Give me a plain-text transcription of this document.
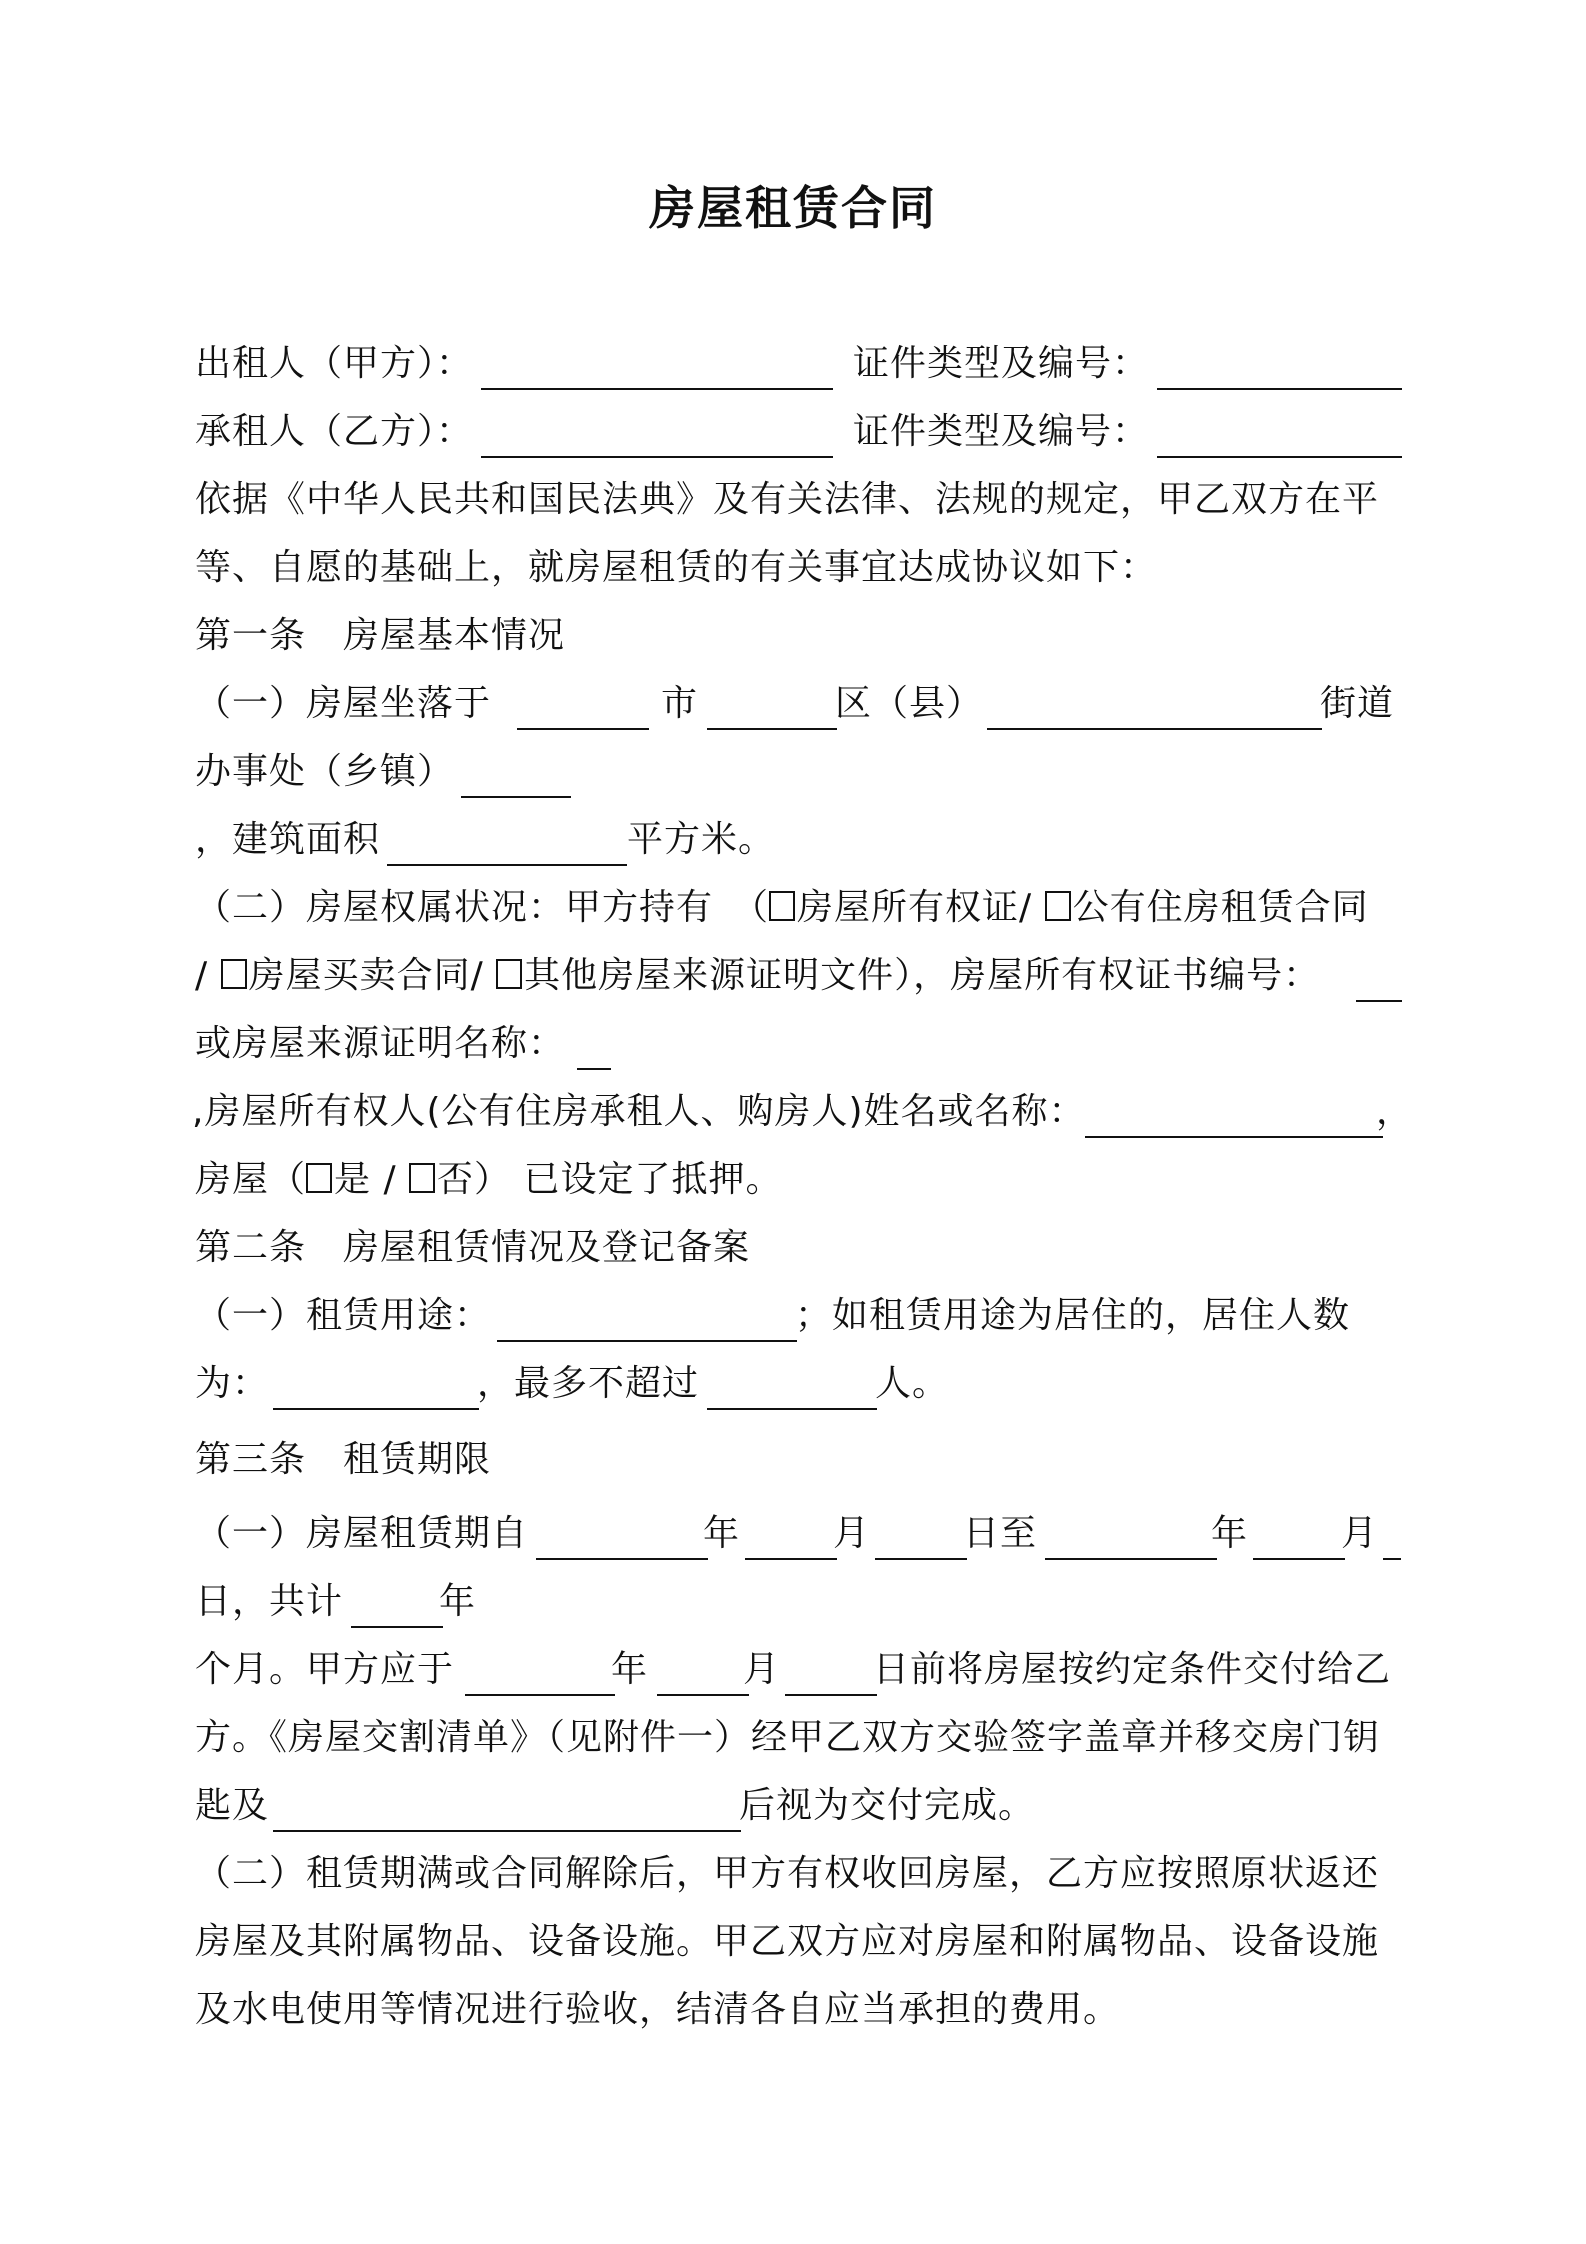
房屋租赁合同
出租人（甲方）：	证件类型及编号：
承租人（乙方）：	证件类型及编号：
依据《中华人民共和国民法典》及有关法律、法规的规定，甲乙双方在平
等、自愿的基础上，就房屋租赁的有关事宜达成协议如下：
第一条　房屋基本情况
（一）房屋坐落于	市	区（县）	街道
办事处（乡镇）
，建筑面积	平方米。
（二）房屋权属状况：甲方持有　（ 房屋所有权证/ 公有住房租赁合同
/ 房屋买卖合同/ 其他房屋来源证明文件），房屋所有权证书编号：
或房屋来源证明名称：
,房屋所有权人(公有住房承租人、购房人)姓名或名称：	，
房屋（ 是 / 否） 已设定了抵押。
第二条　房屋租赁情况及登记备案
（一）租赁用途：	；如租赁用途为居住的，居住人数
为：	，最多不超过	人。
第三条　租赁期限
（一）房屋租赁期自	年	月	日至	年	月
日，共计	年
个月。甲方应于	年	月	日前将房屋按约定条件交付给乙
方。《房屋交割清单》（见附件一）经甲乙双方交验签字盖章并移交房门钥
匙及	后视为交付完成。
（二）租赁期满或合同解除后，甲方有权收回房屋，乙方应按照原状返还
房屋及其附属物品、设备设施。甲乙双方应对房屋和附属物品、设备设施
及水电使用等情况进行验收，结清各自应当承担的费用。
